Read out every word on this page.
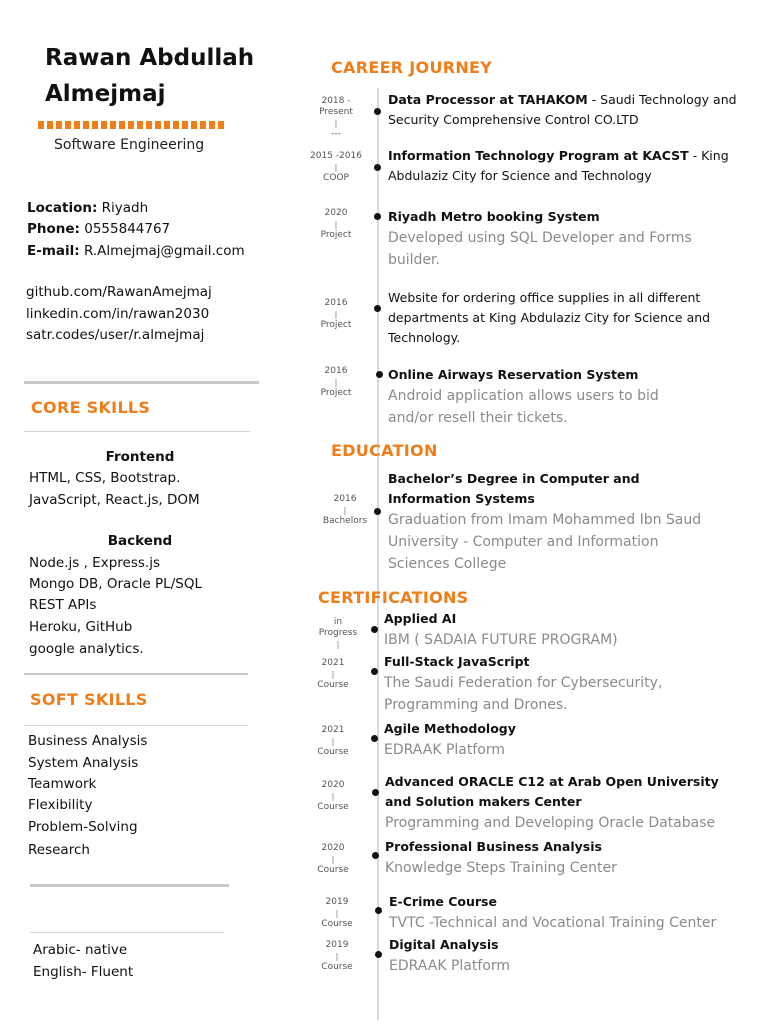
Rawan Abdullah Almejmaj
Software Engineering
Location: Riyadh
Phone: 0555844767
E-mail: R.Almejmaj@gmail.com
github.com/RawanAmejmaj
linkedin.com/in/rawan2030
satr.codes/user/r.almejmaj
CORE SKILLS
Frontend
HTML, CSS, Bootstrap.
JavaScript, React.js, DOM
Backend
Node.js , Express.js
Mongo DB, Oracle PL/SQL
REST APIs
Heroku, GitHub
google analytics.
SOFT SKILLS
Business Analysis
System Analysis
Teamwork
Flexibility
Problem-Solving
Research
Arabic- native
English- Fluent
CAREER JOURNEY
2018 -
Present
|
---
Data Processor at TAHAKOM - Saudi Technology and Security Comprehensive Control CO.LTD
2015 -2016
|
COOP
Information Technology Program at KACST - King Abdulaziz City for Science and Technology
2020
|
Project
Riyadh Metro booking System
Developed using SQL Developer and Forms builder.
2016
|
Project
Website for ordering office supplies in all different departments at King Abdulaziz City for Science and Technology.
2016
|
Project
Online Airways Reservation System
Android application allows users to bid and/or resell their tickets.
EDUCATION
2016
|
Bachelors
Bachelor’s Degree in Computer and Information Systems
Graduation from Imam Mohammed Ibn Saud University - Computer and Information Sciences College
CERTIFICATIONS
in
Progress
|
Applied AI
IBM ( SADAIA FUTURE PROGRAM)
2021
|
Course
Full-Stack JavaScript
The Saudi Federation for Cybersecurity, Programming and Drones.
2021
|
Course
Agile Methodology
EDRAAK Platform
2020
|
Course
Advanced ORACLE C12 at Arab Open University and Solution makers Center
Programming and Developing Oracle Database
2020
|
Course
Professional Business Analysis
Knowledge Steps Training Center
2019
|
Course
E-Crime Course
TVTC -Technical and Vocational Training Center
2019
|
Course
Digital Analysis
EDRAAK Platform
